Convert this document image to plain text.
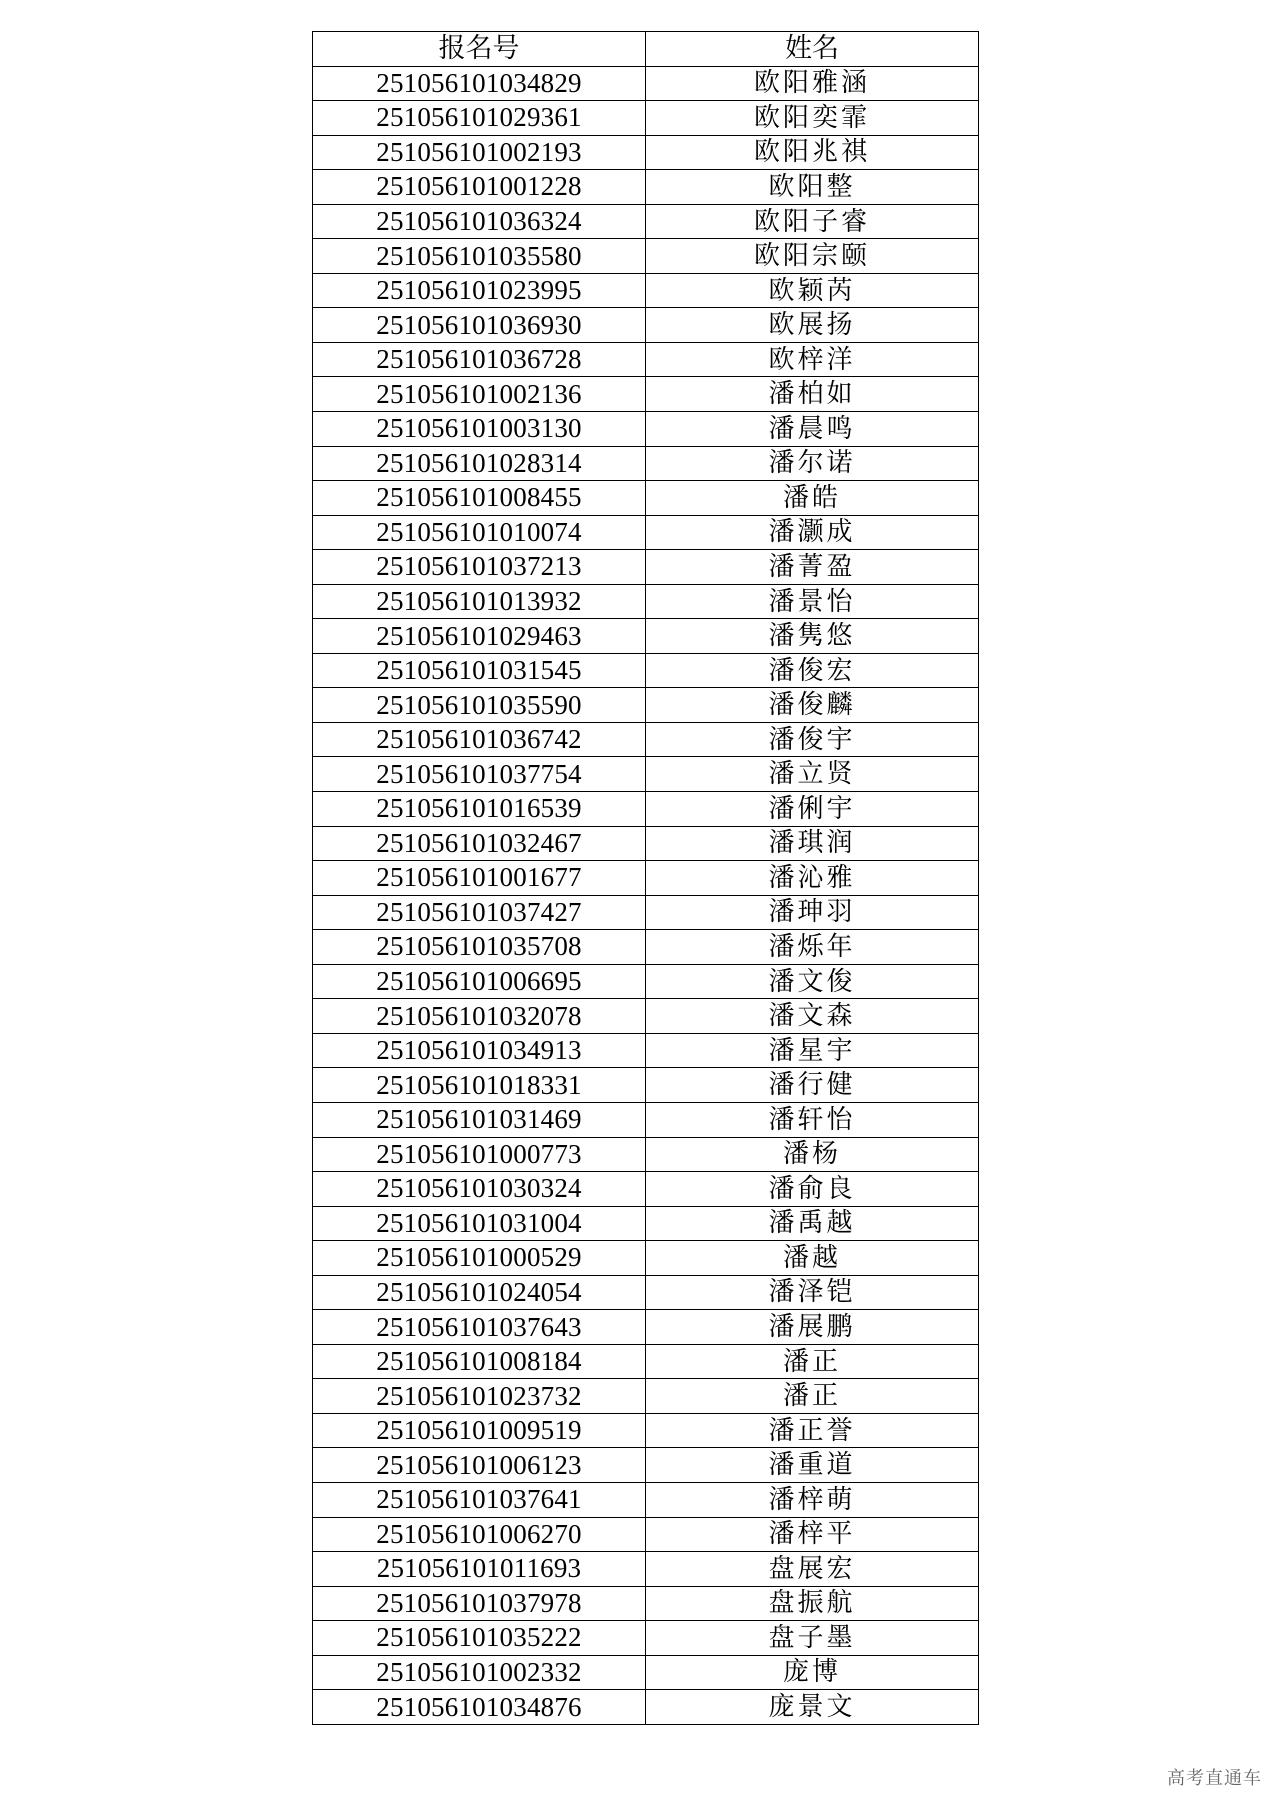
报名号	姓名
251056101034829	欧阳雅涵
251056101029361	欧阳奕霏
251056101002193	欧阳兆祺
251056101001228	欧阳整
251056101036324	欧阳子睿
251056101035580	欧阳宗颐
251056101023995	欧颖芮
251056101036930	欧展扬
251056101036728	欧梓洋
251056101002136	潘柏如
251056101003130	潘晨鸣
251056101028314	潘尔诺
251056101008455	潘皓
251056101010074	潘灏成
251056101037213	潘菁盈
251056101013932	潘景怡
251056101029463	潘隽悠
251056101031545	潘俊宏
251056101035590	潘俊麟
251056101036742	潘俊宇
251056101037754	潘立贤
251056101016539	潘俐宇
251056101032467	潘琪润
251056101001677	潘沁雅
251056101037427	潘珅羽
251056101035708	潘烁年
251056101006695	潘文俊
251056101032078	潘文森
251056101034913	潘星宇
251056101018331	潘行健
251056101031469	潘轩怡
251056101000773	潘杨
251056101030324	潘俞良
251056101031004	潘禹越
251056101000529	潘越
251056101024054	潘泽铠
251056101037643	潘展鹏
251056101008184	潘正
251056101023732	潘正
251056101009519	潘正誉
251056101006123	潘重道
251056101037641	潘梓萌
251056101006270	潘梓平
251056101011693	盘展宏
251056101037978	盘振航
251056101035222	盘子墨
251056101002332	庞博
251056101034876	庞景文
高考直通车
